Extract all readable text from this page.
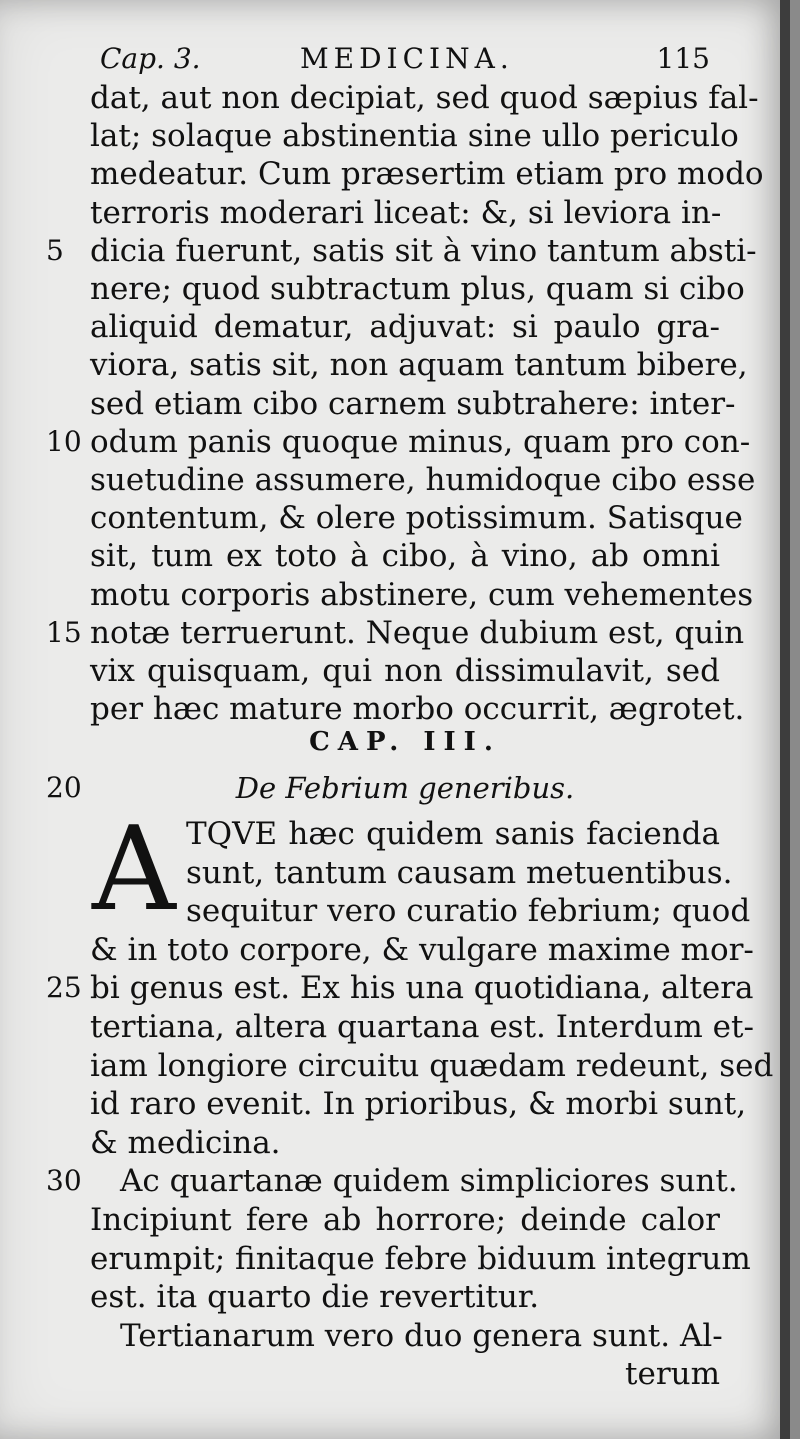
Cap. 3.	MEDICINA.	115
dat, aut non decipiat, sed quod sæpius fal-
lat; solaque abstinentia sine ullo periculo
medeatur. Cum præsertim etiam pro modo
terroris moderari liceat: &, si leviora in-
dicia fuerunt, satis sit à vino tantum absti-
5
nere; quod subtractum plus, quam si cibo
aliquid dematur, adjuvat: si paulo gra-
viora, satis sit, non aquam tantum bibere,
sed etiam cibo carnem subtrahere: inter-
odum panis quoque minus, quam pro con-
10
suetudine assumere, humidoque cibo esse
contentum, & olere potissimum. Satisque
sit, tum ex toto à cibo, à vino, ab omni
motu corporis abstinere, cum vehementes
notæ terruerunt. Neque dubium est, quin
15
vix quisquam, qui non dissimulavit, sed
per hæc mature morbo occurrit, ægrotet.
CAP. III.
20	De Febrium generibus.
A TQVE hæc quidem sanis facienda
sunt, tantum causam metuentibus.
sequitur vero curatio febrium; quod
& in toto corpore, & vulgare maxime mor-
bi genus est. Ex his una quotidiana, altera
25
tertiana, altera quartana est. Interdum et-
iam longiore circuitu quædam redeunt, sed
id raro evenit. In prioribus, & morbi sunt,
& medicina.
Ac quartanæ quidem simpliciores sunt.
30
Incipiunt fere ab horrore; deinde calor
erumpit; finitaque febre biduum integrum
est. ita quarto die revertitur.
Tertianarum vero duo genera sunt. Al-
terum
